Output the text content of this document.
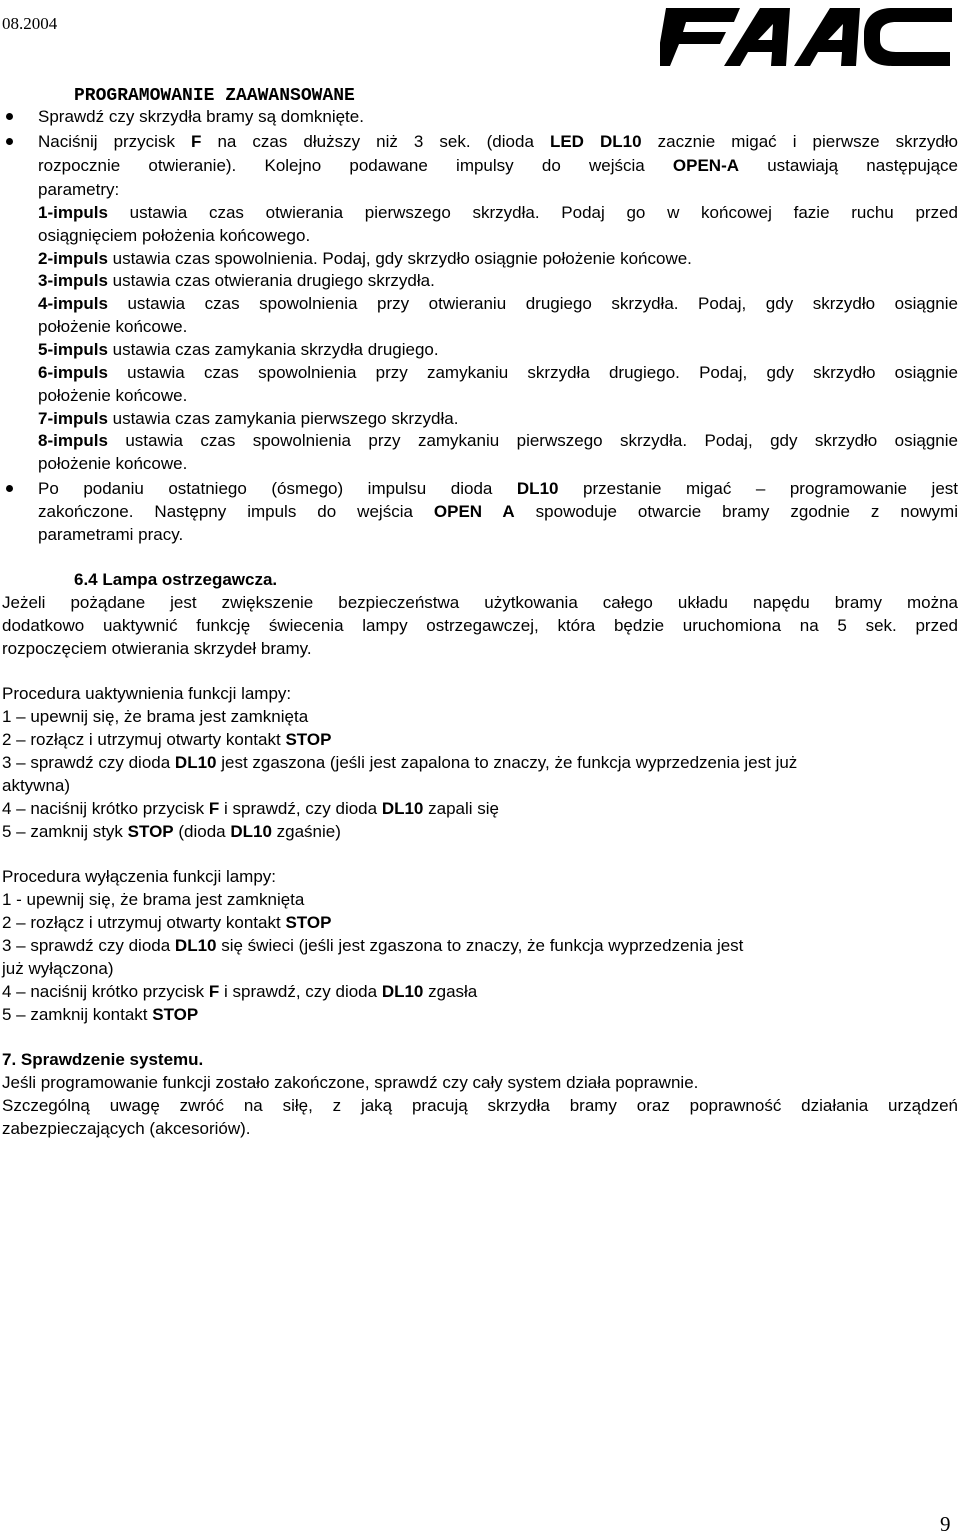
08.2004
PROGRAMOWANIE ZAAWANSOWANE
Sprawdź czy skrzydła bramy są domknięte.
Naciśnij przycisk F na czas dłuższy niż 3 sek. (dioda LED DL10 zacznie migać i pierwsze skrzydło
rozpocznie otwieranie). Kolejno podawane impulsy do wejścia OPEN-A ustawiają następujące
parametry:
1-impuls ustawia czas otwierania pierwszego skrzydła. Podaj go w końcowej fazie ruchu przed
osiągnięciem położenia końcowego.
2-impuls ustawia czas spowolnienia. Podaj, gdy skrzydło osiągnie położenie końcowe.
3-impuls ustawia czas otwierania drugiego skrzydła.
4-impuls ustawia czas spowolnienia przy otwieraniu drugiego skrzydła. Podaj, gdy skrzydło osiągnie
położenie końcowe.
5-impuls ustawia czas zamykania skrzydła drugiego.
6-impuls ustawia czas spowolnienia przy zamykaniu skrzydła drugiego. Podaj, gdy skrzydło osiągnie
położenie końcowe.
7-impuls ustawia czas zamykania pierwszego skrzydła.
8-impuls ustawia czas spowolnienia przy zamykaniu pierwszego skrzydła. Podaj, gdy skrzydło osiągnie
położenie końcowe.
Po podaniu ostatniego (ósmego) impulsu dioda DL10 przestanie migać – programowanie jest
zakończone. Następny impuls do wejścia OPEN A spowoduje otwarcie bramy zgodnie z nowymi
parametrami pracy.
6.4 Lampa ostrzegawcza.
Jeżeli pożądane jest zwiększenie bezpieczeństwa użytkowania całego układu napędu bramy można
dodatkowo uaktywnić funkcję świecenia lampy ostrzegawczej, która będzie uruchomiona na 5 sek. przed
rozpoczęciem otwierania skrzydeł bramy.
Procedura uaktywnienia funkcji lampy:
1 – upewnij się, że brama jest zamknięta
2 – rozłącz i utrzymuj otwarty kontakt STOP
3 – sprawdź czy dioda DL10 jest zgaszona (jeśli jest zapalona to znaczy, że funkcja wyprzedzenia jest już
aktywna)
4 – naciśnij krótko przycisk F i sprawdź, czy dioda DL10 zapali się
5 – zamknij styk STOP (dioda DL10 zgaśnie)
Procedura wyłączenia funkcji lampy:
1 - upewnij się, że brama jest zamknięta
2 – rozłącz i utrzymuj otwarty kontakt STOP
3 – sprawdź czy dioda DL10 się świeci (jeśli jest zgaszona to znaczy, że funkcja wyprzedzenia jest
już wyłączona)
4 – naciśnij krótko przycisk F i sprawdź, czy dioda DL10 zgasła
5 – zamknij kontakt STOP
7. Sprawdzenie systemu.
Jeśli programowanie funkcji zostało zakończone, sprawdź czy cały system działa poprawnie.
Szczególną uwagę zwróć na siłę, z jaką pracują skrzydła bramy oraz poprawność działania urządzeń
zabezpieczających (akcesoriów).
9
